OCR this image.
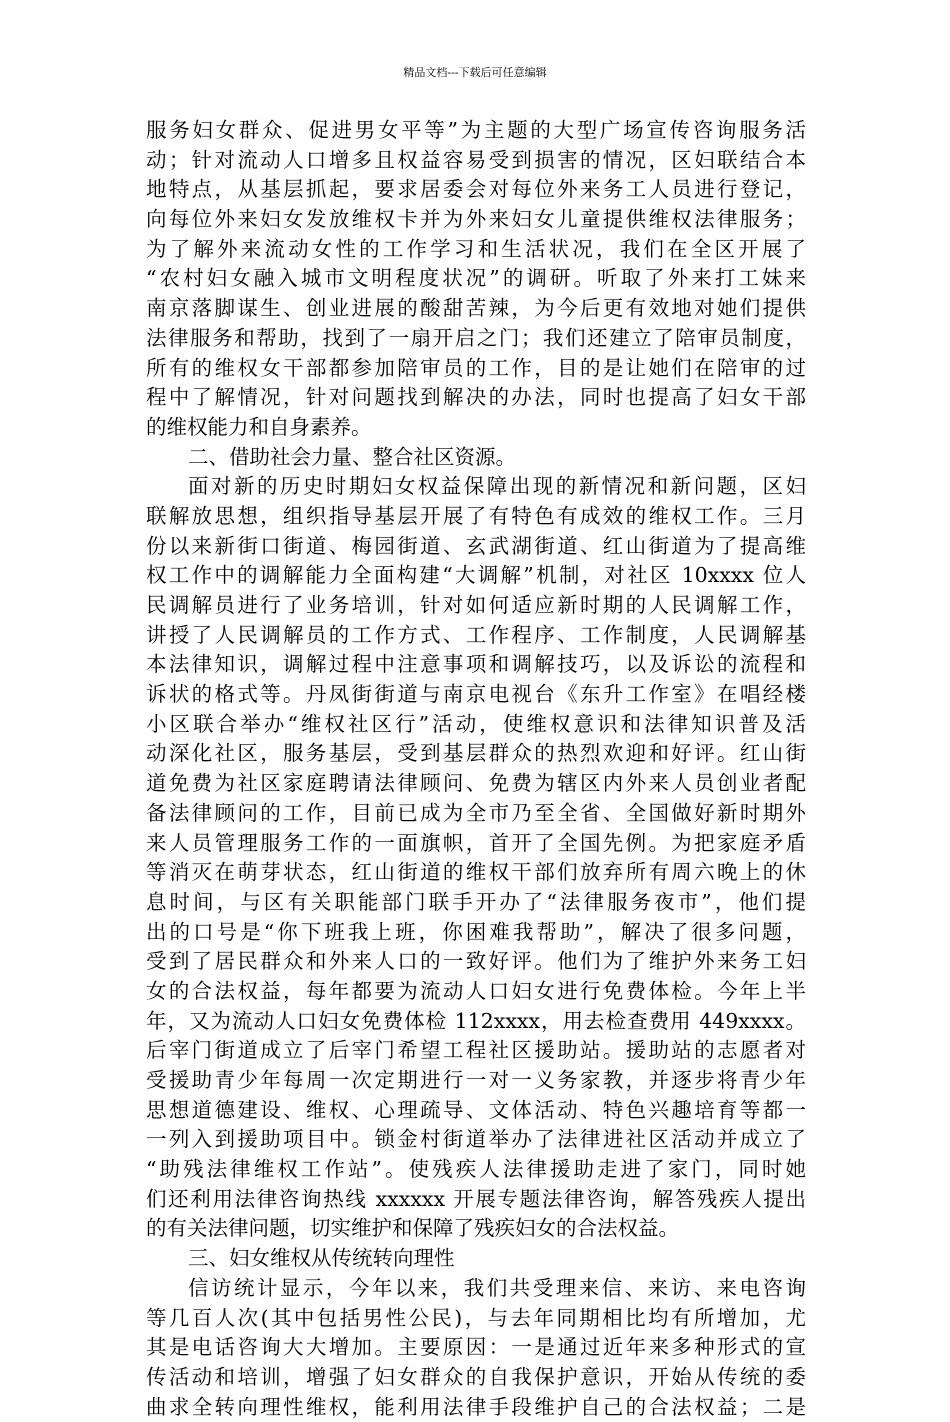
精品文档---下载后可任意编辑
服务妇女群众、促进男女平等”为主题的大型广场宣传咨询服务活
动；针对流动人口增多且权益容易受到损害的情况，区妇联结合本
地特点，从基层抓起，要求居委会对每位外来务工人员进行登记，
向每位外来妇女发放维权卡并为外来妇女儿童提供维权法律服务；
为了解外来流动女性的工作学习和生活状况，我们在全区开展了
“农村妇女融入城市文明程度状况”的调研。听取了外来打工妹来
南京落脚谋生、创业进展的酸甜苦辣，为今后更有效地对她们提供
法律服务和帮助，找到了一扇开启之门；我们还建立了陪审员制度，
所有的维权女干部都参加陪审员的工作，目的是让她们在陪审的过
程中了解情况，针对问题找到解决的办法，同时也提高了妇女干部
的维权能力和自身素养。
二、借助社会力量、整合社区资源。
面对新的历史时期妇女权益保障出现的新情况和新问题，区妇
联解放思想，组织指导基层开展了有特色有成效的维权工作。三月
份以来新街口街道、梅园街道、玄武湖街道、红山街道为了提高维
权工作中的调解能力全面构建“大调解”机制，对社区 10xxxx 位人
民调解员进行了业务培训，针对如何适应新时期的人民调解工作，
讲授了人民调解员的工作方式、工作程序、工作制度，人民调解基
本法律知识，调解过程中注意事项和调解技巧，以及诉讼的流程和
诉状的格式等。丹凤街街道与南京电视台《东升工作室》在唱经楼
小区联合举办“维权社区行”活动，使维权意识和法律知识普及活
动深化社区，服务基层，受到基层群众的热烈欢迎和好评。红山街
道免费为社区家庭聘请法律顾问、免费为辖区内外来人员创业者配
备法律顾问的工作，目前已成为全市乃至全省、全国做好新时期外
来人员管理服务工作的一面旗帜，首开了全国先例。为把家庭矛盾
等消灭在萌芽状态，红山街道的维权干部们放弃所有周六晚上的休
息时间，与区有关职能部门联手开办了“法律服务夜市”，他们提
出的口号是“你下班我上班，你困难我帮助”，解决了很多问题，
受到了居民群众和外来人口的一致好评。他们为了维护外来务工妇
女的合法权益，每年都要为流动人口妇女进行免费体检。今年上半
年，又为流动人口妇女免费体检 112xxxx，用去检查费用 449xxxx。
后宰门街道成立了后宰门希望工程社区援助站。援助站的志愿者对
受援助青少年每周一次定期进行一对一义务家教，并逐步将青少年
思想道德建设、维权、心理疏导、文体活动、特色兴趣培育等都一
一列入到援助项目中。锁金村街道举办了法律进社区活动并成立了
“助残法律维权工作站”。使残疾人法律援助走进了家门，同时她
们还利用法律咨询热线 xxxxxx 开展专题法律咨询，解答残疾人提出
的有关法律问题，切实维护和保障了残疾妇女的合法权益。
三、妇女维权从传统转向理性
信访统计显示，今年以来，我们共受理来信、来访、来电咨询
等几百人次(其中包括男性公民)，与去年同期相比均有所增加，尤
其是电话咨询大大增加。主要原因：一是通过近年来多种形式的宣
传活动和培训，增强了妇女群众的自我保护意识，开始从传统的委
曲求全转向理性维权，能利用法律手段维护自己的合法权益；二是
